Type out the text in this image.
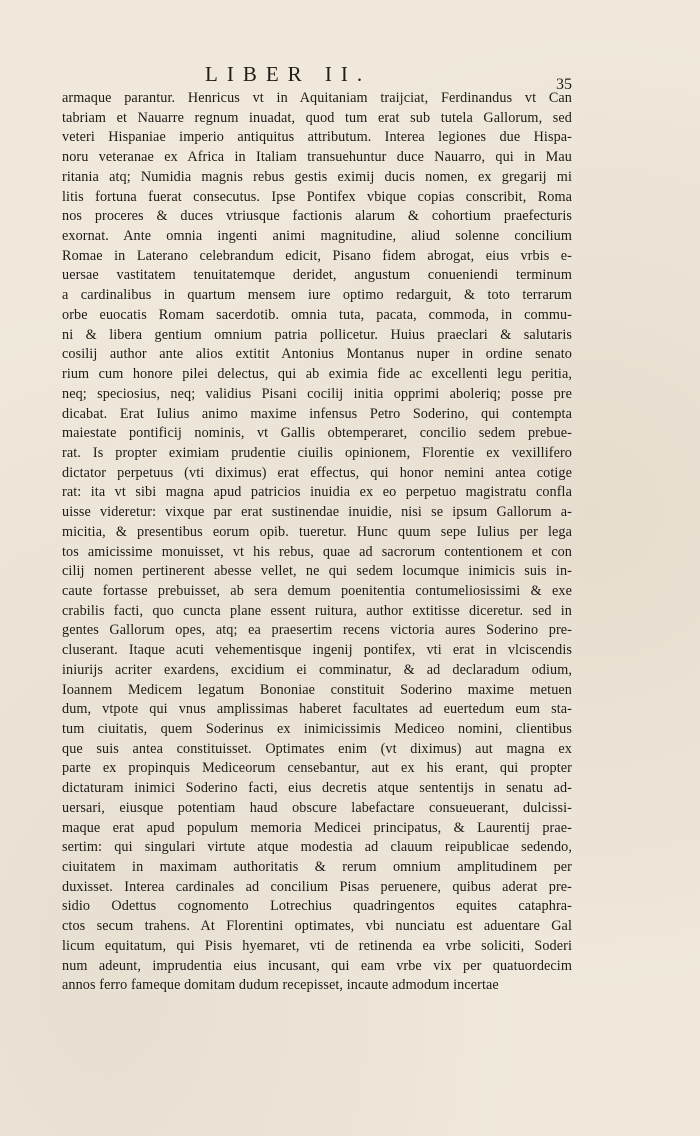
LIBER II.	35
armaque parantur. Henricus vt in Aquitaniam traijciat, Ferdinandus vt Can
tabriam et Nauarre regnum inuadat, quod tum erat sub tutela Gallorum, sed
veteri Hispaniae imperio antiquitus attributum. Interea legiones due Hispa-
noru veteranae ex Africa in Italiam transuehuntur duce Nauarro, qui in Mau
ritania atq; Numidia magnis rebus gestis eximij ducis nomen, ex gregarij mi
litis fortuna fuerat consecutus. Ipse Pontifex vbique copias conscribit, Roma
nos proceres & duces vtriusque factionis alarum & cohortium praefecturis
exornat. Ante omnia ingenti animi magnitudine, aliud solenne concilium
Romae in Laterano celebrandum edicit, Pisano fidem abrogat, eius vrbis e-
uersae vastitatem tenuitatemque deridet, angustum conueniendi terminum
a cardinalibus in quartum mensem iure optimo redarguit, & toto terrarum
orbe euocatis Romam sacerdotib. omnia tuta, pacata, commoda, in commu-
ni & libera gentium omnium patria pollicetur. Huius praeclari & salutaris
cosilij author ante alios extitit Antonius Montanus nuper in ordine senato
rium cum honore pilei delectus, qui ab eximia fide ac excellenti legu peritia,
neq; speciosius, neq; validius Pisani cocilij initia opprimi aboleriq; posse pre
dicabat. Erat Iulius animo maxime infensus Petro Soderino, qui contempta
maiestate pontificij nominis, vt Gallis obtemperaret, concilio sedem prebue-
rat. Is propter eximiam prudentie ciuilis opinionem, Florentie ex vexillifero
dictator perpetuus (vti diximus) erat effectus, qui honor nemini antea cotige
rat: ita vt sibi magna apud patricios inuidia ex eo perpetuo magistratu confla
uisse videretur: vixque par erat sustinendae inuidie, nisi se ipsum Gallorum a-
micitia, & presentibus eorum opib. tueretur. Hunc quum sepe Iulius per lega
tos amicissime monuisset, vt his rebus, quae ad sacrorum contentionem et con
cilij nomen pertinerent abesse vellet, ne qui sedem locumque inimicis suis in-
caute fortasse prebuisset, ab sera demum poenitentia contumeliosissimi & exe
crabilis facti, quo cuncta plane essent ruitura, author extitisse diceretur. sed in
gentes Gallorum opes, atq; ea praesertim recens victoria aures Soderino pre-
cluserant. Itaque acuti vehementisque ingenij pontifex, vti erat in vlciscendis
iniurijs acriter exardens, excidium ei comminatur, & ad declaradum odium,
Ioannem Medicem legatum Bononiae constituit Soderino maxime metuen
dum, vtpote qui vnus amplissimas haberet facultates ad euertedum eum sta-
tum ciuitatis, quem Soderinus ex inimicissimis Mediceo nomini, clientibus
que suis antea constituisset. Optimates enim (vt diximus) aut magna ex
parte ex propinquis Mediceorum censebantur, aut ex his erant, qui propter
dictaturam inimici Soderino facti, eius decretis atque sententijs in senatu ad-
uersari, eiusque potentiam haud obscure labefactare consueuerant, dulcissi-
maque erat apud populum memoria Medicei principatus, & Laurentij prae-
sertim: qui singulari virtute atque modestia ad clauum reipublicae sedendo,
ciuitatem in maximam authoritatis & rerum omnium amplitudinem per
duxisset. Interea cardinales ad concilium Pisas peruenere, quibus aderat pre-
sidio Odettus cognomento Lotrechius quadringentos equites cataphra-
ctos secum trahens. At Florentini optimates, vbi nunciatu est aduentare Gal
licum equitatum, qui Pisis hyemaret, vti de retinenda ea vrbe soliciti, Soderi
num adeunt, imprudentia eius incusant, qui eam vrbe vix per quatuordecim
annos ferro fameque domitam dudum recepisset, incaute admodum incertae
